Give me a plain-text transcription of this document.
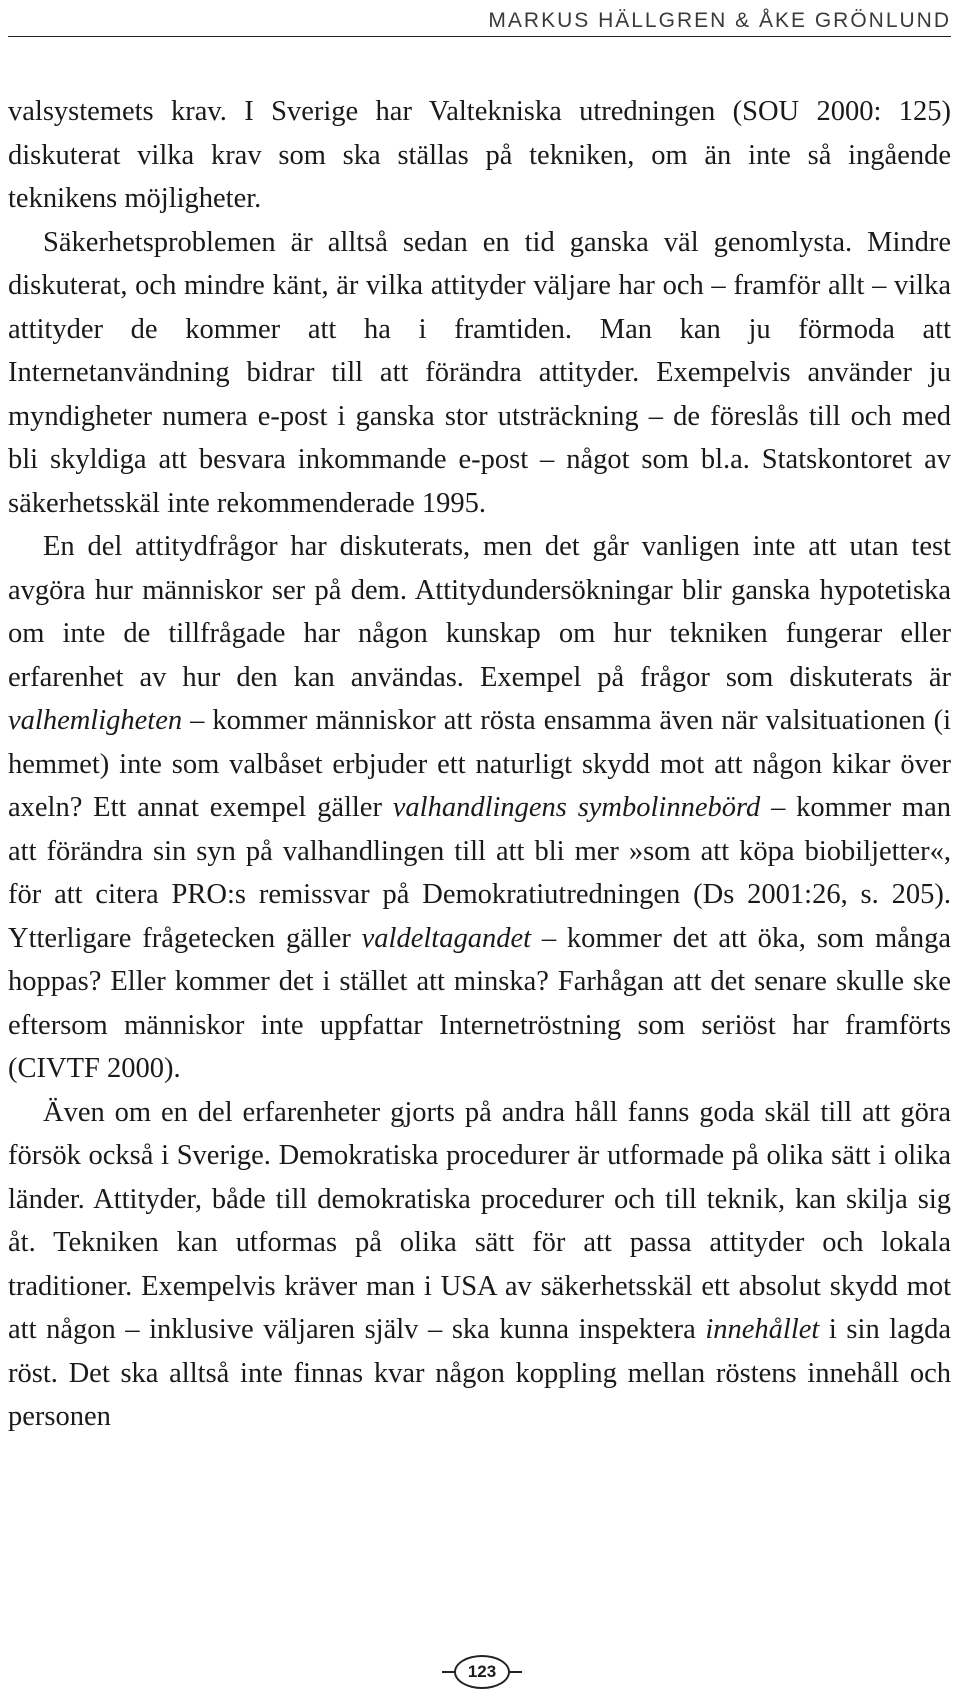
MARKUS HÄLLGREN & ÅKE GRÖNLUND

valsystemets krav. I Sverige har Valtekniska utredningen (SOU 2000: 125) diskuterat vilka krav som ska ställas på tekniken, om än inte så ingående teknikens möjligheter.

Säkerhetsproblemen är alltså sedan en tid ganska väl genomlysta. Mindre diskuterat, och mindre känt, är vilka attityder väljare har och – framför allt – vilka attityder de kommer att ha i framtiden. Man kan ju förmoda att Internetanvändning bidrar till att förändra attityder. Exempelvis använder ju myndigheter numera e-post i ganska stor utsträckning – de föreslås till och med bli skyldiga att besvara inkommande e-post – något som bl.a. Statskontoret av säkerhetsskäl inte rekommenderade 1995.

En del attitydfrågor har diskuterats, men det går vanligen inte att utan test avgöra hur människor ser på dem. Attitydundersökningar blir ganska hypotetiska om inte de tillfrågade har någon kunskap om hur tekniken fungerar eller erfarenhet av hur den kan användas. Exempel på frågor som diskuterats är valhemligheten – kommer människor att rösta ensamma även när valsituationen (i hemmet) inte som valbåset erbjuder ett naturligt skydd mot att någon kikar över axeln? Ett annat exempel gäller valhandlingens symbolinnebörd – kommer man att förändra sin syn på valhandlingen till att bli mer »som att köpa biobiljetter«, för att citera PRO:s remissvar på Demokratiutredningen (Ds 2001:26, s. 205). Ytterligare frågetecken gäller valdeltagandet – kommer det att öka, som många hoppas? Eller kommer det i stället att minska? Farhågan att det senare skulle ske eftersom människor inte uppfattar Internetröstning som seriöst har framförts (CIVTF 2000).

Även om en del erfarenheter gjorts på andra håll fanns goda skäl till att göra försök också i Sverige. Demokratiska procedurer är utformade på olika sätt i olika länder. Attityder, både till demokratiska procedurer och till teknik, kan skilja sig åt. Tekniken kan utformas på olika sätt för att passa attityder och lokala traditioner. Exempelvis kräver man i USA av säkerhetsskäl ett absolut skydd mot att någon – inklusive väljaren själv – ska kunna inspektera innehållet i sin lagda röst. Det ska alltså inte finnas kvar någon koppling mellan röstens innehåll och personen

123
